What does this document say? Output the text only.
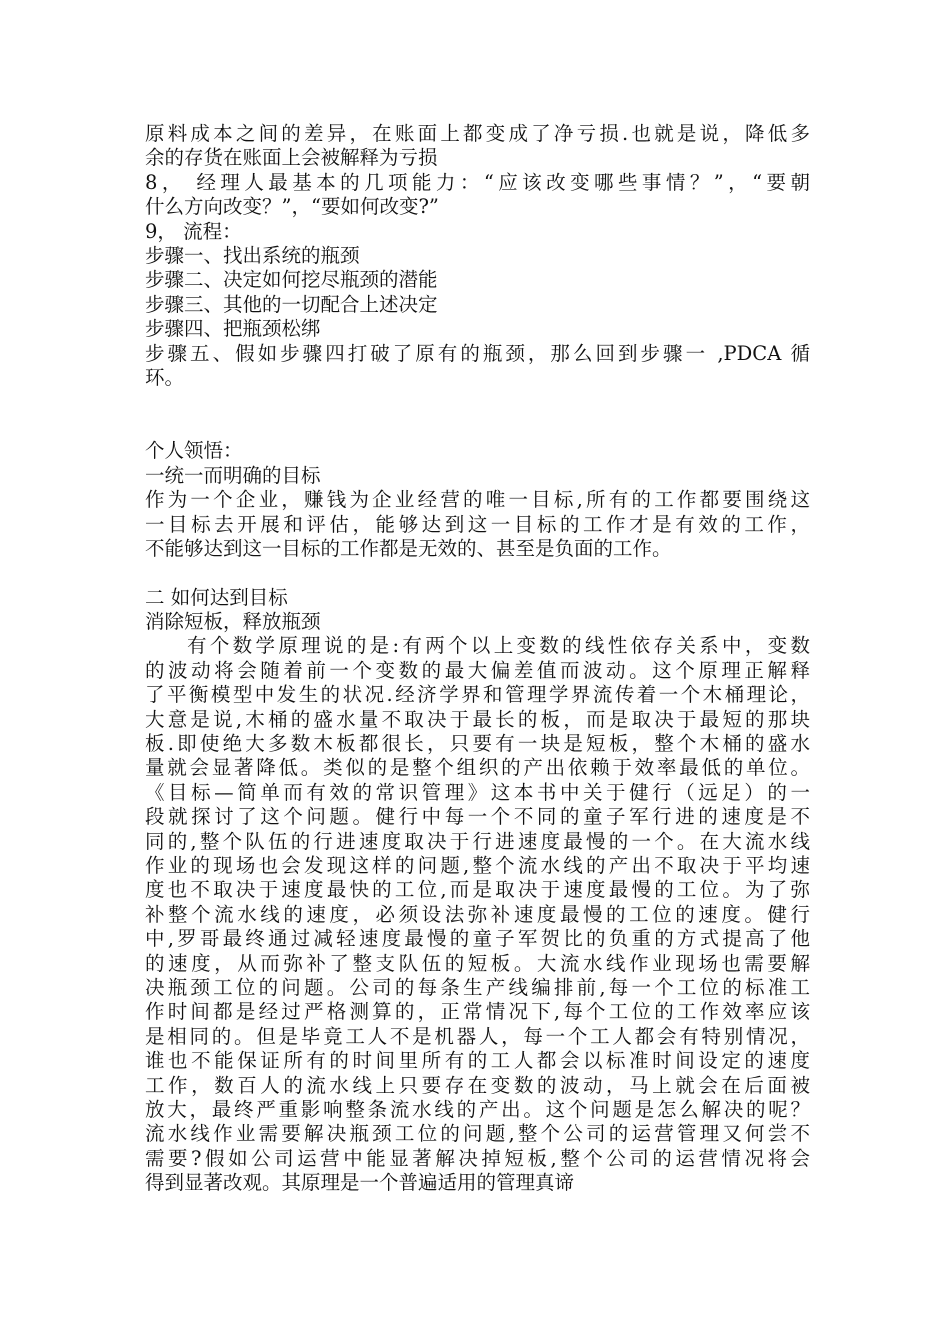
原料成本之间的差异，在账面上都变成了净亏损.也就是说，降低多
余的存货在账面上会被解释为亏损
8， 经理人最基本的几项能力：“应该改变哪些事情？”，“要朝
什么方向改变？”，“要如何改变?”
9， 流程：
步骤一、找出系统的瓶颈
步骤二、决定如何挖尽瓶颈的潜能
步骤三、其他的一切配合上述决定
步骤四、把瓶颈松绑
步骤五、假如步骤四打破了原有的瓶颈，那么回到步骤一 ,PDCA 循
环。
个人领悟：
一统一而明确的目标
作为一个企业，赚钱为企业经营的唯一目标,所有的工作都要围绕这
一目标去开展和评估，能够达到这一目标的工作才是有效的工作，
不能够达到这一目标的工作都是无效的、甚至是负面的工作。
二 如何达到目标
消除短板，释放瓶颈
有个数学原理说的是:有两个以上变数的线性依存关系中，变数
的波动将会随着前一个变数的最大偏差值而波动。这个原理正解释
了平衡模型中发生的状况.经济学界和管理学界流传着一个木桶理论，
大意是说,木桶的盛水量不取决于最长的板，而是取决于最短的那块
板.即使绝大多数木板都很长，只要有一块是短板，整个木桶的盛水
量就会显著降低。类似的是整个组织的产出依赖于效率最低的单位。
《目标—简单而有效的常识管理》这本书中关于健行（远足）的一
段就探讨了这个问题。健行中每一个不同的童子军行进的速度是不
同的,整个队伍的行进速度取决于行进速度最慢的一个。在大流水线
作业的现场也会发现这样的问题,整个流水线的产出不取决于平均速
度也不取决于速度最快的工位,而是取决于速度最慢的工位。为了弥
补整个流水线的速度，必须设法弥补速度最慢的工位的速度。健行
中,罗哥最终通过减轻速度最慢的童子军贺比的负重的方式提高了他
的速度，从而弥补了整支队伍的短板。大流水线作业现场也需要解
决瓶颈工位的问题。公司的每条生产线编排前,每一个工位的标准工
作时间都是经过严格测算的，正常情况下,每个工位的工作效率应该
是相同的。但是毕竟工人不是机器人，每一个工人都会有特别情况，
谁也不能保证所有的时间里所有的工人都会以标准时间设定的速度
工作，数百人的流水线上只要存在变数的波动，马上就会在后面被
放大，最终严重影响整条流水线的产出。这个问题是怎么解决的呢？
流水线作业需要解决瓶颈工位的问题,整个公司的运营管理又何尝不
需要?假如公司运营中能显著解决掉短板,整个公司的运营情况将会
得到显著改观。其原理是一个普遍适用的管理真谛
